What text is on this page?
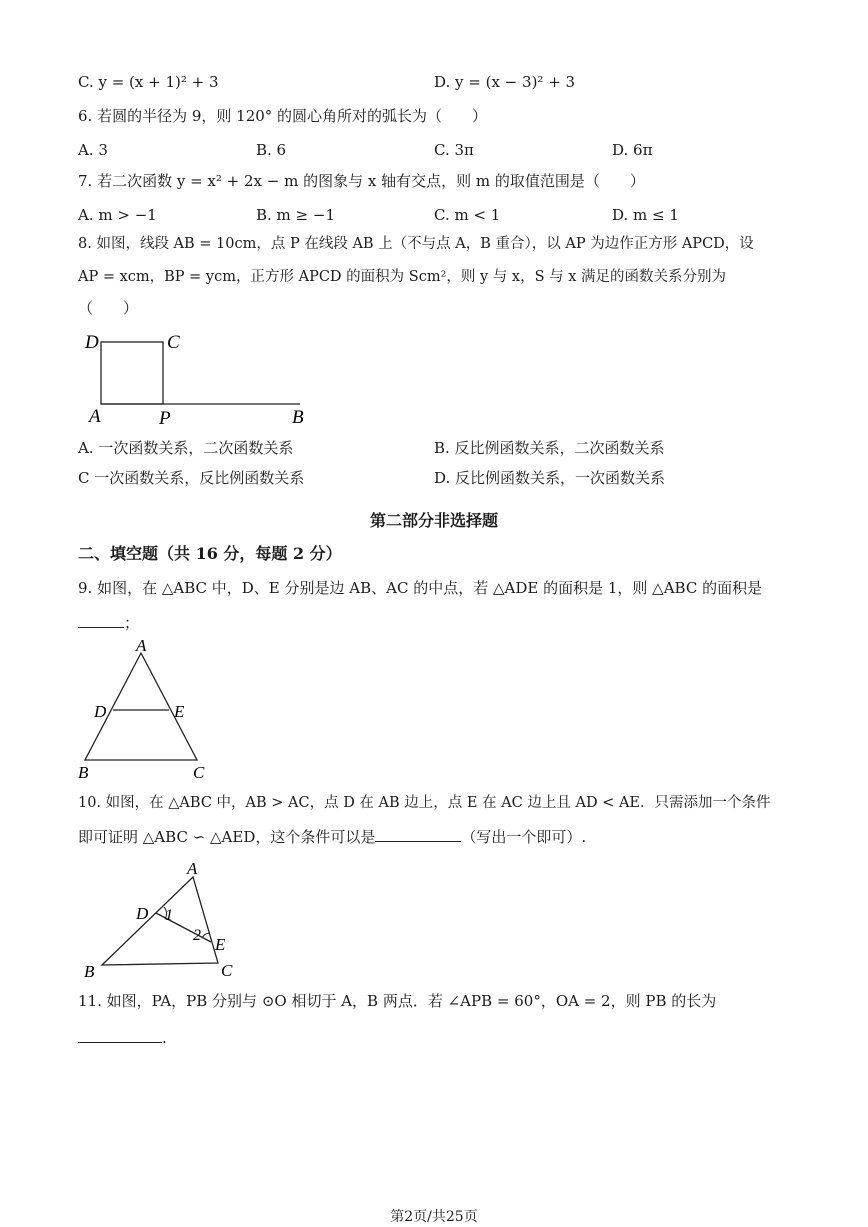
C. y = (x + 1)² + 3	D. y = (x − 3)² + 3
6. 若圆的半径为 9，则 120° 的圆心角所对的弧长为（　　）
A. 3	B. 6	C. 3π	D. 6π
7. 若二次函数 y = x² + 2x − m 的图象与 x 轴有交点，则 m 的取值范围是（　　）
A. m > −1	B. m ≥ −1	C. m < 1	D. m ≤ 1
8. 如图，线段 AB = 10cm，点 P 在线段 AB 上（不与点 A，B 重合），以 AP 为边作正方形 APCD，设
AP = xcm，BP = ycm，正方形 APCD 的面积为 Scm²，则 y 与 x，S 与 x 满足的函数关系分别为
（　　）
D	C
A	P	B
A. 一次函数关系，二次函数关系	B. 反比例函数关系，二次函数关系
C 一次函数关系，反比例函数关系	D. 反比例函数关系，一次函数关系
第二部分非选择题
二、填空题（共 16 分，每题 2 分）
9. 如图，在 △ABC 中，D、E 分别是边 AB、AC 的中点，若 △ADE 的面积是 1，则 △ABC 的面积是
；
A
D	E
B	C
10. 如图，在 △ABC 中，AB > AC，点 D 在 AB 边上，点 E 在 AC 边上且 AD < AE．只需添加一个条件
即可证明 △ABC ∽ △AED，这个条件可以是	（写出一个即可）.
A
D 1
2 E
B	C
11. 如图，PA，PB 分别与 ⊙O 相切于 A，B 两点．若 ∠APB = 60°，OA = 2，则 PB 的长为
.
第2页/共25页
